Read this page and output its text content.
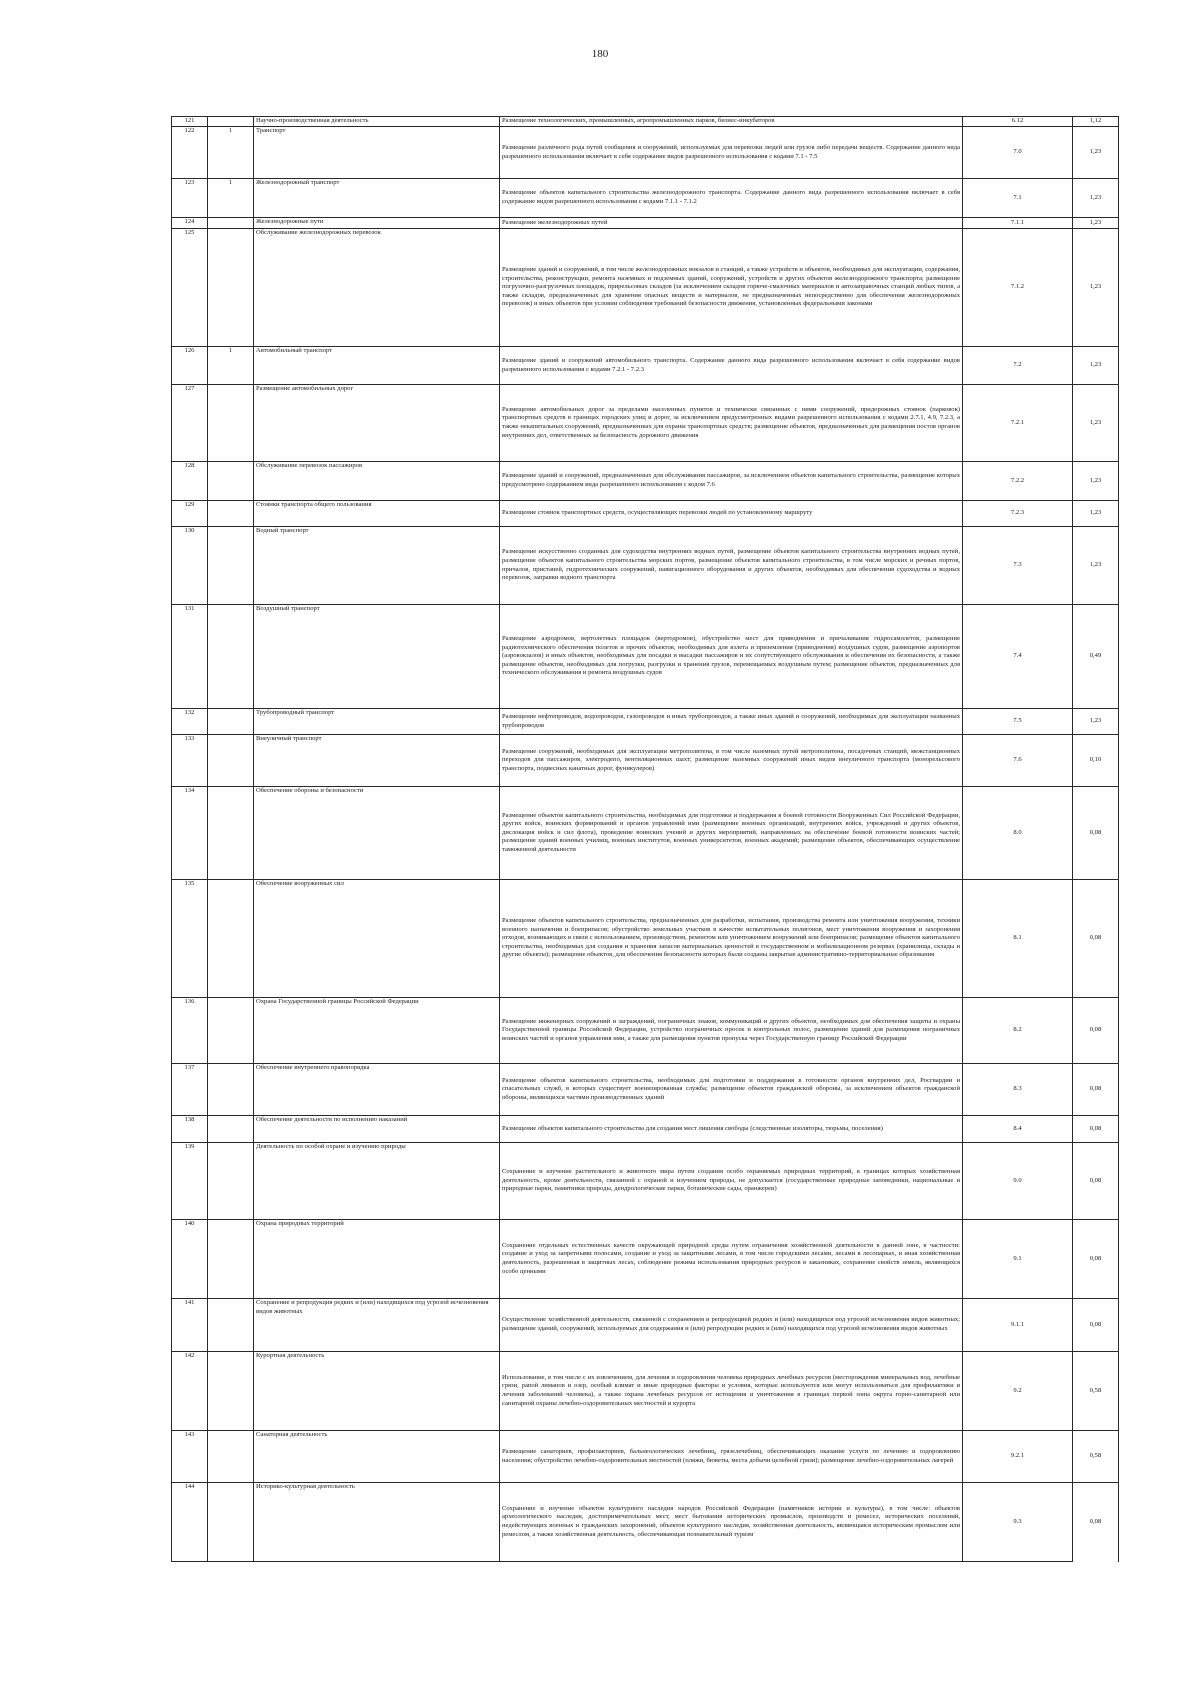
180
121		Научно-производственная деятельность	Размещение технологических, промышленных, агропромышленных парков, бизнес-инкубаторов	6.12	1,12
122	1	Транспорт	Размещение различного рода путей сообщения и сооружений, используемых для перевозки людей или грузов либо передачи веществ. Содержание данного вида разрешенного использования включает в себя содержание видов разрешенного использования с кодами 7.1 - 7.5	7.0	1,23
123	1	Железнодорожный транспорт	Размещение объектов капитального строительства железнодорожного транспорта. Содержание данного вида разрешенного использования включает в себя содержание видов разрешенного использования с кодами 7.1.1 - 7.1.2	7.1	1,23
124		Железнодорожные пути	Размещение железнодорожных путей	7.1.1	1,23
125		Обслуживание железнодорожных перевозок	Размещение зданий и сооружений, в том числе железнодорожных вокзалов и станций, а также устройств и объектов, необходимых для эксплуатации, содержания, строительства, реконструкции, ремонта наземных и подземных зданий, сооружений, устройств и других объектов железнодорожного транспорта; размещение погрузочно-разгрузочных площадок, прирельсовых складов (за исключением складов горюче-смазочных материалов и автозаправочных станций любых типов, а также складов, предназначенных для хранения опасных веществ и материалов, не предназначенных непосредственно для обеспечения железнодорожных перевозок) и иных объектов при условии соблюдения требований безопасности движения, установленных федеральными законами	7.1.2	1,23
126	1	Автомобильный транспорт	Размещение зданий и сооружений автомобильного транспорта. Содержание данного вида разрешенного использования включает в себя содержание видов разрешенного использования с кодами 7.2.1 - 7.2.3	7.2	1,23
127		Размещение автомобильных дорог	Размещение автомобильных дорог за пределами населенных пунктов и технически связанных с ними сооружений, придорожных стоянок (парковок) транспортных средств в границах городских улиц и дорог, за исключением предусмотренных видами разрешенного использования с кодами 2.7.1, 4.9, 7.2.3, а также некапитальных сооружений, предназначенных для охраны транспортных средств; размещение объектов, предназначенных для размещения постов органов внутренних дел, ответственных за безопасность дорожного движения	7.2.1	1,23
128		Обслуживание перевозок пассажиров	Размещение зданий и сооружений, предназначенных для обслуживания пассажиров, за исключением объектов капитального строительства, размещение которых предусмотрено содержанием вида разрешенного использования с кодом 7.6	7.2.2	1,23
129		Стоянки транспорта общего пользования	Размещение стоянок транспортных средств, осуществляющих перевозки людей по установленному маршруту	7.2.3	1,23
130		Водный транспорт	Размещение искусственно созданных для судоходства внутренних водных путей, размещение объектов капитального строительства внутренних водных путей, размещение объектов капитального строительства морских портов, размещение объектов капитального строительства, в том числе морских и речных портов, причалов, пристаней, гидротехнических сооружений, навигационного оборудования и других объектов, необходимых для обеспечения судоходства и водных перевозок, заправки водного транспорта	7.3	1,23
131		Воздушный транспорт	Размещение аэродромов, вертолетных площадок (вертодромов), обустройство мест для приводнения и причаливания гидросамолетов, размещение радиотехнического обеспечения полетов и прочих объектов, необходимых для взлета и приземления (приводнения) воздушных судов, размещение аэропортов (аэровокзалов) и иных объектов, необходимых для посадки и высадки пассажиров и их сопутствующего обслуживания и обеспечения их безопасности, а также размещение объектов, необходимых для погрузки, разгрузки и хранения грузов, перемещаемых воздушным путем; размещение объектов, предназначенных для технического обслуживания и ремонта воздушных судов	7.4	0,49
132		Трубопроводный транспорт	Размещение нефтепроводов, водопроводов, газопроводов и иных трубопроводов, а также иных зданий и сооружений, необходимых для эксплуатации названных трубопроводов	7.5	1,23
133		Внеуличный транспорт	Размещение сооружений, необходимых для эксплуатации метрополитена, в том числе наземных путей метрополитена, посадочных станций, межстанционных переходов для пассажиров, электродепо, вентиляционных шахт; размещение наземных сооружений иных видов внеуличного транспорта (монорельсового транспорта, подвесных канатных дорог, фуникулеров)	7.6	0,10
134		Обеспечение обороны и безопасности	Размещение объектов капитального строительства, необходимых для подготовки и поддержания в боевой готовности Вооруженных Сил Российской Федерации, других войск, воинских формирований и органов управлений ими (размещение военных организаций, внутренних войск, учреждений и других объектов, дислокация войск и сил флота), проведение воинских учений и других мероприятий, направленных на обеспечение боевой готовности воинских частей; размещение зданий военных училищ, военных институтов, военных университетов, военных академий; размещение объектов, обеспечивающих осуществление таможенной деятельности	8.0	0,08
135		Обеспечение вооруженных сил	Размещение объектов капитального строительства, предназначенных для разработки, испытания, производства ремонта или уничтожения вооружения, техники военного назначения и боеприпасов; обустройство земельных участков в качестве испытательных полигонов, мест уничтожения вооружения и захоронения отходов, возникающих в связи с использованием, производством, ремонтом или уничтожением вооружений или боеприпасов; размещение объектов капитального строительства, необходимых для создания и хранения запасов материальных ценностей в государственном и мобилизационном резервах (хранилища, склады и другие объекты); размещение объектов, для обеспечения безопасности которых были созданы закрытые административно-территориальные образования	8.1	0,08
136		Охрана Государственной границы Российской Федерации	Размещение инженерных сооружений и заграждений, пограничных знаков, коммуникаций и других объектов, необходимых для обеспечения защиты и охраны Государственной границы Российской Федерации, устройство пограничных просек и контрольных полос, размещение зданий для размещения пограничных воинских частей и органов управления ими, а также для размещения пунктов пропуска через Государственную границу Российской Федерации	8.2	0,08
137		Обеспечение внутреннего правопорядка	Размещение объектов капитального строительства, необходимых для подготовки и поддержания в готовности органов внутренних дел, Росгвардии и спасательных служб, в которых существует военизированная служба; размещение объектов гражданской обороны, за исключением объектов гражданской обороны, являющихся частями производственных зданий	8.3	0,08
138		Обеспечение деятельности по исполнению наказаний	Размещение объектов капитального строительства для создания мест лишения свободы (следственные изоляторы, тюрьмы, поселения)	8.4	0,08
139		Деятельность по особой охране и изучению природы	Сохранение и изучение растительного и животного мира путем создания особо охраняемых природных территорий, в границах которых хозяйственная деятельность, кроме деятельности, связанной с охраной и изучением природы, не допускается (государственные природные заповедники, национальные и природные парки, памятники природы, дендрологические парки, ботанические сады, оранжереи)	9.0	0,08
140		Охрана природных территорий	Сохранение отдельных естественных качеств окружающей природной среды путем ограничения хозяйственной деятельности в данной зоне, в частности: создание и уход за запретными полосами, создание и уход за защитными лесами, в том числе городскими лесами, лесами в лесопарках, и иная хозяйственная деятельность, разрешенная в защитных лесах, соблюдение режима использования природных ресурсов в заказниках, сохранение свойств земель, являющихся особо ценными	9.1	0,08
141		Сохранение и репродукция редких и (или) находящихся под угрозой исчезновения видов животных	Осуществление хозяйственной деятельности, связанной с сохранением и репродукцией редких и (или) находящихся под угрозой исчезновения видов животных; размещение зданий, сооружений, используемых для содержания и (или) репродукции редких и (или) находящихся под угрозой исчезновения видов животных	9.1.1	0,08
142		Курортная деятельность	Использование, в том числе с их извлечением, для лечения и оздоровления человека природных лечебных ресурсов (месторождения минеральных вод, лечебные грязи, рапой лиманов и озер, особый климат и иные природные факторы и условия, которые используются или могут использоваться для профилактики и лечения заболеваний человека), а также охрана лечебных ресурсов от истощения и уничтожения в границах первой зоны округа горно-санитарной или санитарной охраны лечебно-оздоровительных местностей и курорта	9.2	0,58
143		Санаторная деятельность	Размещение санаториев, профилакториев, бальнеологических лечебниц, грязелечебниц, обеспечивающих оказание услуги по лечению и оздоровлению населения; обустройство лечебно-оздоровительных местностей (пляжи, бюветы, места добычи целебной грязи); размещение лечебно-оздоровительных лагерей	9.2.1	0,58
144		Историко-культурная деятельность	Сохранение и изучение объектов культурного наследия народов Российской Федерации (памятников истории и культуры), в том числе: объектов археологического наследия, достопримечательных мест, мест бытования исторических промыслов, производств и ремесел, исторических поселений, недействующих военных и гражданских захоронений, объектов культурного наследия, хозяйственная деятельность, являющаяся историческим промыслом или ремеслом, а также хозяйственная деятельность, обеспечивающая познавательный туризм	9.3	0,08
